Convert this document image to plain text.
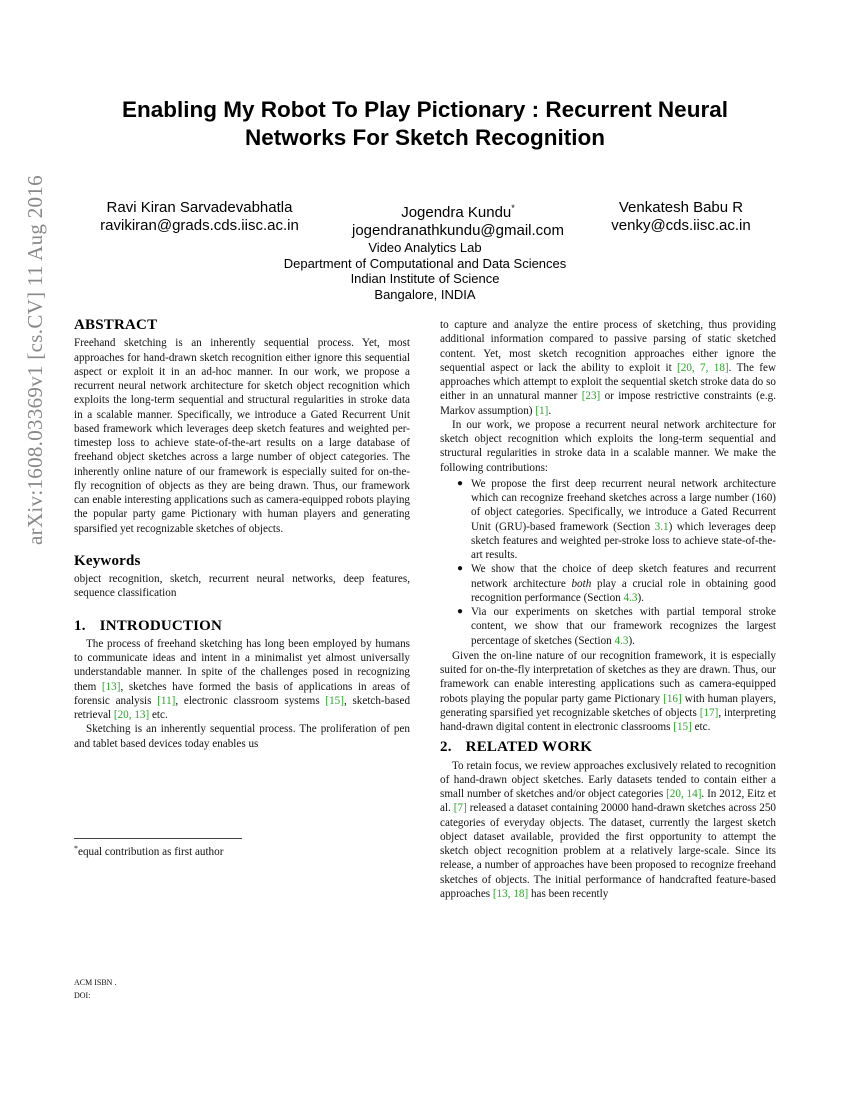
arXiv:1608.03369v1 [cs.CV] 11 Aug 2016
Enabling My Robot To Play Pictionary : Recurrent Neural
Networks For Sketch Recognition
Ravi Kiran Sarvadevabhatla
ravikiran@grads.cds.iisc.ac.in
Jogendra Kundu*
jogendranathkundu@gmail.com
Venkatesh Babu R
venky@cds.iisc.ac.in
Video Analytics Lab
Department of Computational and Data Sciences
Indian Institute of Science
Bangalore, INDIA
ABSTRACT

Freehand sketching is an inherently sequential process. Yet, most approaches for hand-drawn sketch recognition either ignore this sequential aspect or exploit it in an ad-hoc manner. In our work, we propose a recurrent neural network architecture for sketch object recognition which exploits the long-term sequential and structural regularities in stroke data in a scalable manner. Specifically, we introduce a Gated Recurrent Unit based framework which leverages deep sketch features and weighted per-timestep loss to achieve state-of-the-art results on a large database of freehand object sketches across a large number of object categories. The inherently online nature of our framework is especially suited for on-the-fly recognition of objects as they are being drawn. Thus, our framework can enable interesting applications such as camera-equipped robots playing the popular party game Pictionary with human players and generating sparsified yet recognizable sketches of objects.

Keywords

object recognition, sketch, recurrent neural networks, deep features, sequence classification

1. INTRODUCTION

The process of freehand sketching has long been employed by humans to communicate ideas and intent in a minimalist yet almost universally understandable manner. In spite of the challenges posed in recognizing them [13], sketches have formed the basis of applications in areas of forensic analysis [11], electronic classroom systems [15], sketch-based retrieval [20, 13] etc.

Sketching is an inherently sequential process. The proliferation of pen and tablet based devices today enables us

to capture and analyze the entire process of sketching, thus providing additional information compared to passive parsing of static sketched content. Yet, most sketch recognition approaches either ignore the sequential aspect or lack the ability to exploit it [20, 7, 18]. The few approaches which attempt to exploit the sequential sketch stroke data do so either in an unnatural manner [23] or impose restrictive constraints (e.g. Markov assumption) [1].

In our work, we propose a recurrent neural network architecture for sketch object recognition which exploits the long-term sequential and structural regularities in stroke data in a scalable manner. We make the following contributions:

● We propose the first deep recurrent neural network architecture which can recognize freehand sketches across a large number (160) of object categories. Specifically, we introduce a Gated Recurrent Unit (GRU)-based framework (Section 3.1) which leverages deep sketch features and weighted per-stroke loss to achieve state-of-the-art results.
● We show that the choice of deep sketch features and recurrent network architecture both play a crucial role in obtaining good recognition performance (Section 4.3).
● Via our experiments on sketches with partial temporal stroke content, we show that our framework recognizes the largest percentage of sketches (Section 4.3).

Given the on-line nature of our recognition framework, it is especially suited for on-the-fly interpretation of sketches as they are drawn. Thus, our framework can enable interesting applications such as camera-equipped robots playing the popular party game Pictionary [16] with human players, generating sparsified yet recognizable sketches of objects [17], interpreting hand-drawn digital content in electronic classrooms [15] etc.

2. RELATED WORK

To retain focus, we review approaches exclusively related to recognition of hand-drawn object sketches. Early datasets tended to contain either a small number of sketches and/or object categories [20, 14]. In 2012, Eitz et al. [7] released a dataset containing 20000 hand-drawn sketches across 250 categories of everyday objects. The dataset, currently the largest sketch object dataset available, provided the first opportunity to attempt the sketch object recognition problem at a relatively large-scale. Since its release, a number of approaches have been proposed to recognize freehand sketches of objects. The initial performance of handcrafted feature-based approaches [13, 18] has been recently

*equal contribution as first author
ACM ISBN .
DOI:
